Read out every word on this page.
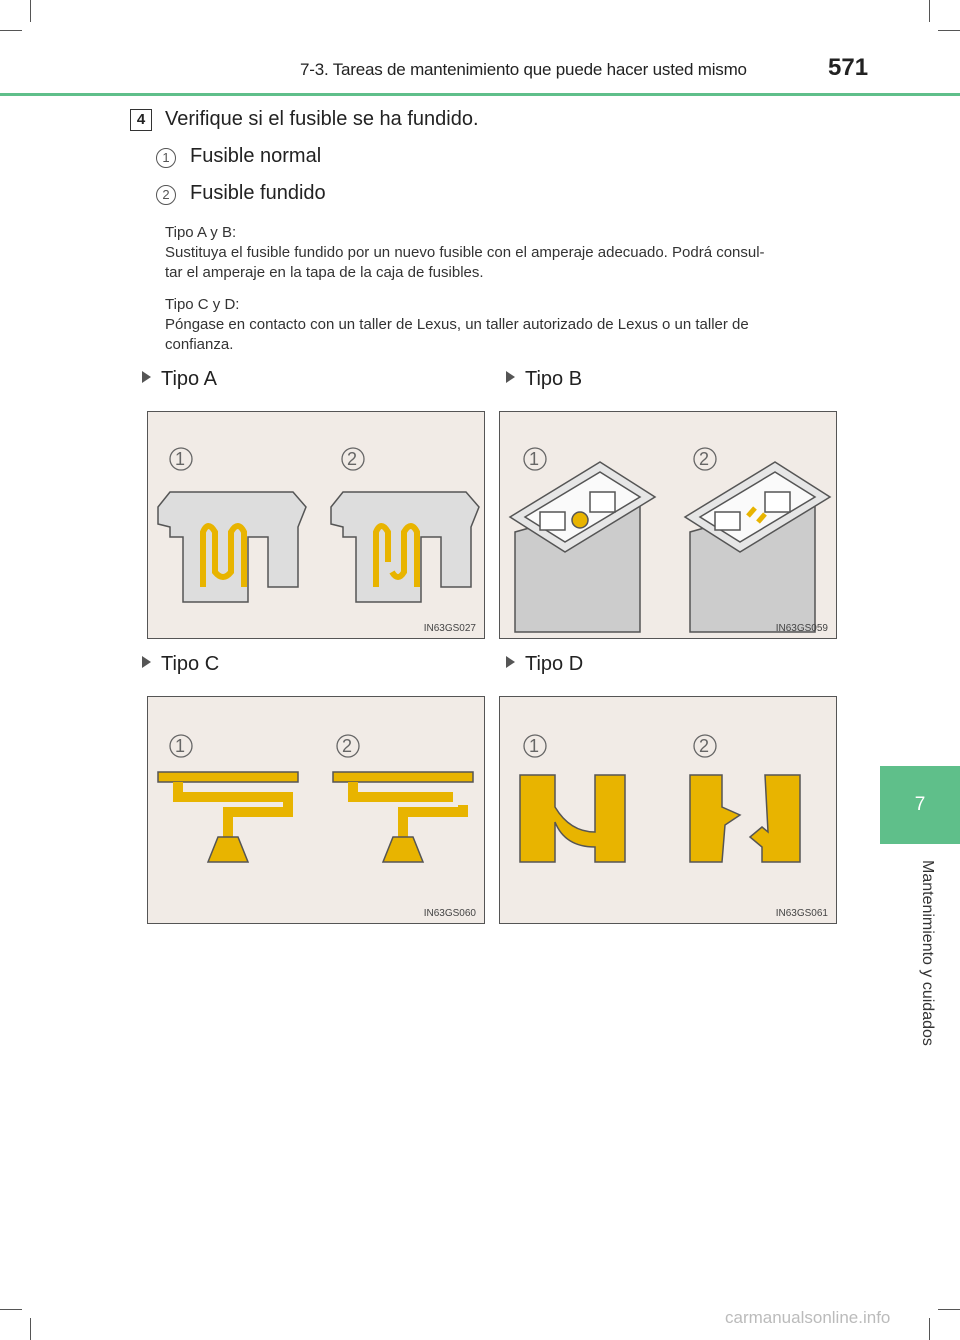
7-3. Tareas de mantenimiento que puede hacer usted mismo	571
7
Mantenimiento y cuidados
4 Verifique si el fusible se ha fundido.
1	Fusible normal
2	Fusible fundido
Tipo A y B:
Sustituya el fusible fundido por un nuevo fusible con el amperaje adecuado. Podrá consul-
tar el amperaje en la tapa de la caja de fusibles.
Tipo C y D:
Póngase en contacto con un taller de Lexus, un taller autorizado de Lexus o un taller de
confianza.
Tipo A	Tipo B
Tipo C	Tipo D
1	2
IN63GS027
1	2
IN63GS059
1	2
IN63GS060
1	2
IN63GS061
carmanualsonline.info
